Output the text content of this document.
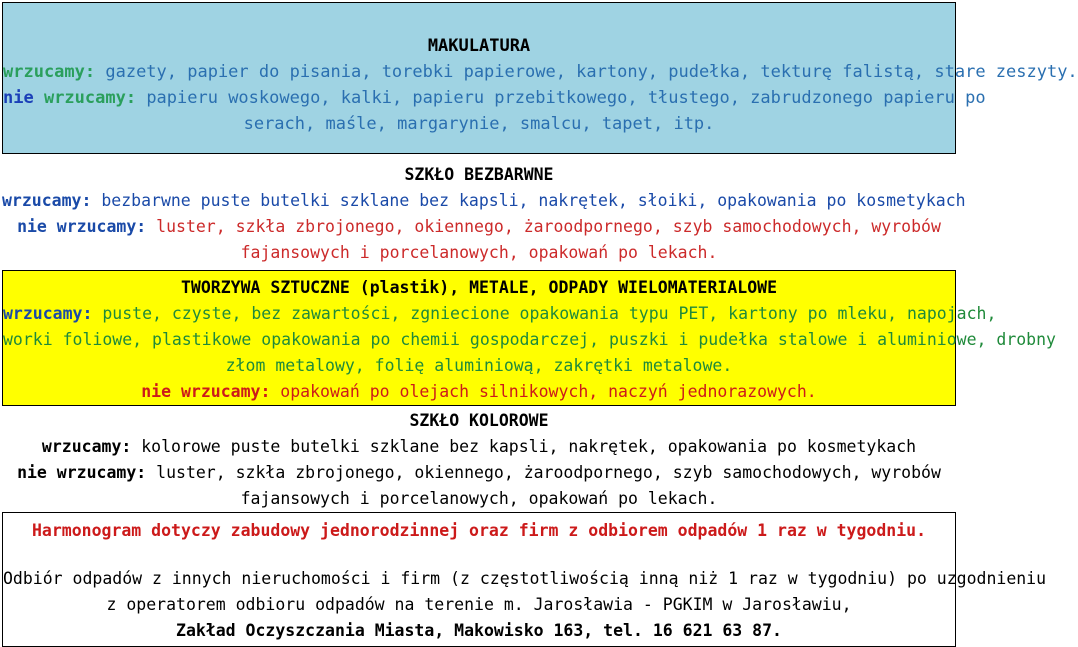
MAKULATURA
wrzucamy: gazety, papier do pisania, torebki papierowe, kartony, pudełka, tekturę falistą, stare zeszyty.
nie wrzucamy: papieru woskowego, kalki, papieru przebitkowego, tłustego, zabrudzonego papieru po
serach, maśle, margarynie, smalcu, tapet, itp.
SZKŁO BEZBARWNE
wrzucamy: bezbarwne puste butelki szklane bez kapsli, nakrętek, słoiki, opakowania po kosmetykach
nie wrzucamy: luster, szkła zbrojonego, okiennego, żaroodpornego, szyb samochodowych, wyrobów
fajansowych i porcelanowych, opakowań po lekach.
TWORZYWA SZTUCZNE (plastik), METALE, ODPADY WIELOMATERIALOWE
wrzucamy: puste, czyste, bez zawartości, zgniecione opakowania typu PET, kartony po mleku, napojach,
worki foliowe, plastikowe opakowania po chemii gospodarczej, puszki i pudełka stalowe i aluminiowe, drobny
złom metalowy, folię aluminiową, zakrętki metalowe.
nie wrzucamy: opakowań po olejach silnikowych, naczyń jednorazowych.
SZKŁO KOLOROWE
wrzucamy: kolorowe puste butelki szklane bez kapsli, nakrętek, opakowania po kosmetykach
nie wrzucamy: luster, szkła zbrojonego, okiennego, żaroodpornego, szyb samochodowych, wyrobów
fajansowych i porcelanowych, opakowań po lekach.
Harmonogram dotyczy zabudowy jednorodzinnej oraz firm z odbiorem odpadów 1 raz w tygodniu.
Odbiór odpadów z innych nieruchomości i firm (z częstotliwością inną niż 1 raz w tygodniu) po uzgodnieniu
z operatorem odbioru odpadów na terenie m. Jarosławia - PGKIM w Jarosławiu,
Zakład Oczyszczania Miasta, Makowisko 163, tel. 16 621 63 87.
